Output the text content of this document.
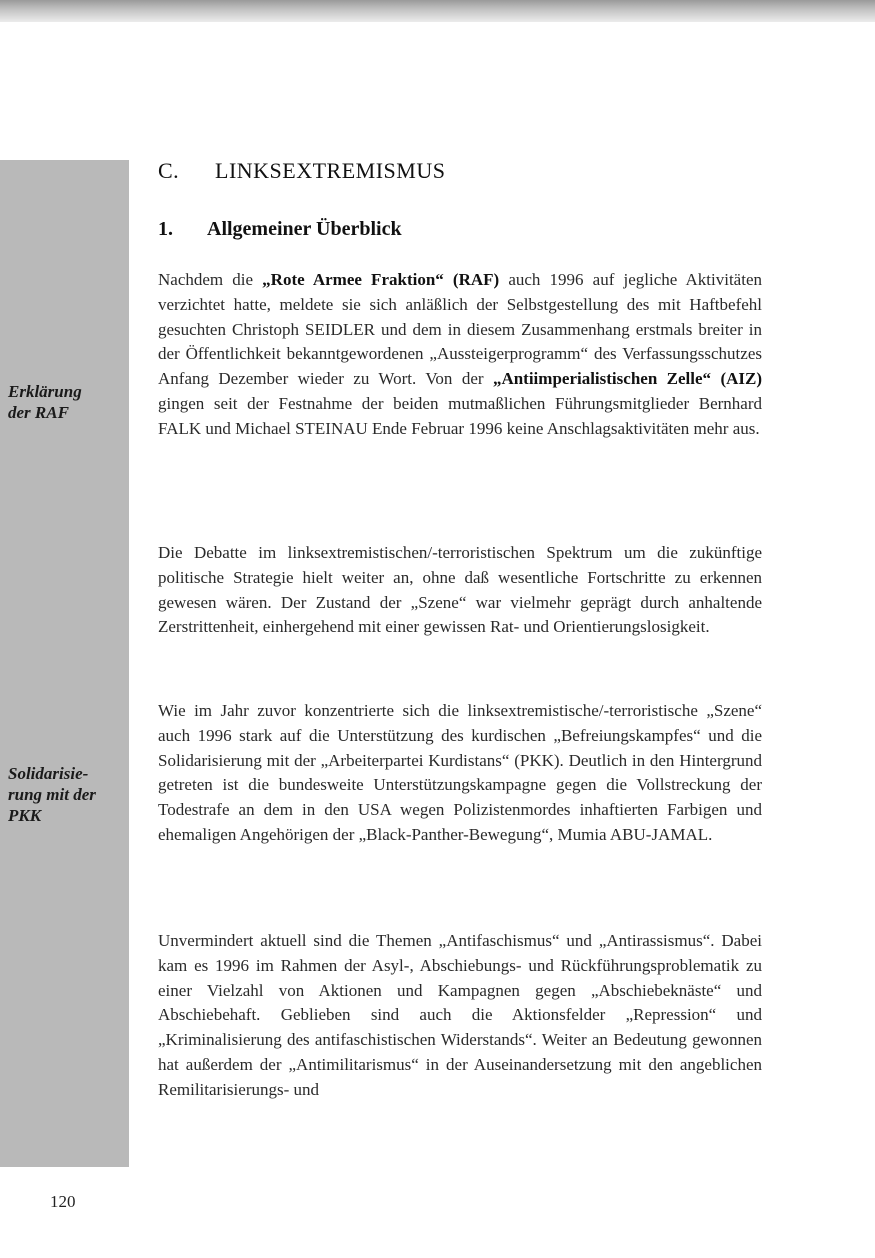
Erklärung
der RAF

Solidarisie-
rung mit der
PKK

C. LINKSEXTREMISMUS
1. Allgemeiner Überblick

Nachdem die „Rote Armee Fraktion“ (RAF) auch 1996 auf jegliche Aktivitäten verzichtet hatte, meldete sie sich anläßlich der Selbstgestellung des mit Haftbefehl gesuchten Christoph SEIDLER und dem in diesem Zusammenhang erstmals breiter in der Öffentlichkeit bekanntgewordenen „Aussteigerprogramm“ des Verfassungsschutzes Anfang Dezember wieder zu Wort. Von der „Antiimperialistischen Zelle“ (AIZ) gingen seit der Festnahme der beiden mutmaßlichen Führungsmitglieder Bernhard FALK und Michael STEINAU Ende Februar 1996 keine Anschlagsaktivitäten mehr aus.

Die Debatte im linksextremistischen/-terroristischen Spektrum um die zukünftige politische Strategie hielt weiter an, ohne daß wesentliche Fortschritte zu erkennen gewesen wären. Der Zustand der „Szene“ war vielmehr geprägt durch anhaltende Zerstrittenheit, einhergehend mit einer gewissen Rat- und Orientierungslosigkeit.

Wie im Jahr zuvor konzentrierte sich die linksextremistische/-terroristische „Szene“ auch 1996 stark auf die Unterstützung des kurdischen „Befreiungskampfes“ und die Solidarisierung mit der „Arbeiterpartei Kurdistans“ (PKK). Deutlich in den Hintergrund getreten ist die bundesweite Unterstützungskampagne gegen die Vollstreckung der Todestrafe an dem in den USA wegen Polizistenmordes inhaftierten Farbigen und ehemaligen Angehörigen der „Black-Panther-Bewegung“, Mumia ABU-JAMAL.

Unvermindert aktuell sind die Themen „Antifaschismus“ und „Antirassismus“. Dabei kam es 1996 im Rahmen der Asyl-, Abschiebungs- und Rückführungsproblematik zu einer Vielzahl von Aktionen und Kampagnen gegen „Abschiebeknäste“ und Abschiebehaft. Geblieben sind auch die Aktionsfelder „Repression“ und „Kriminalisierung des antifaschistischen Widerstands“. Weiter an Bedeutung gewonnen hat außerdem der „Antimilitarismus“ in der Auseinandersetzung mit den angeblichen Remilitarisierungs- und

120
